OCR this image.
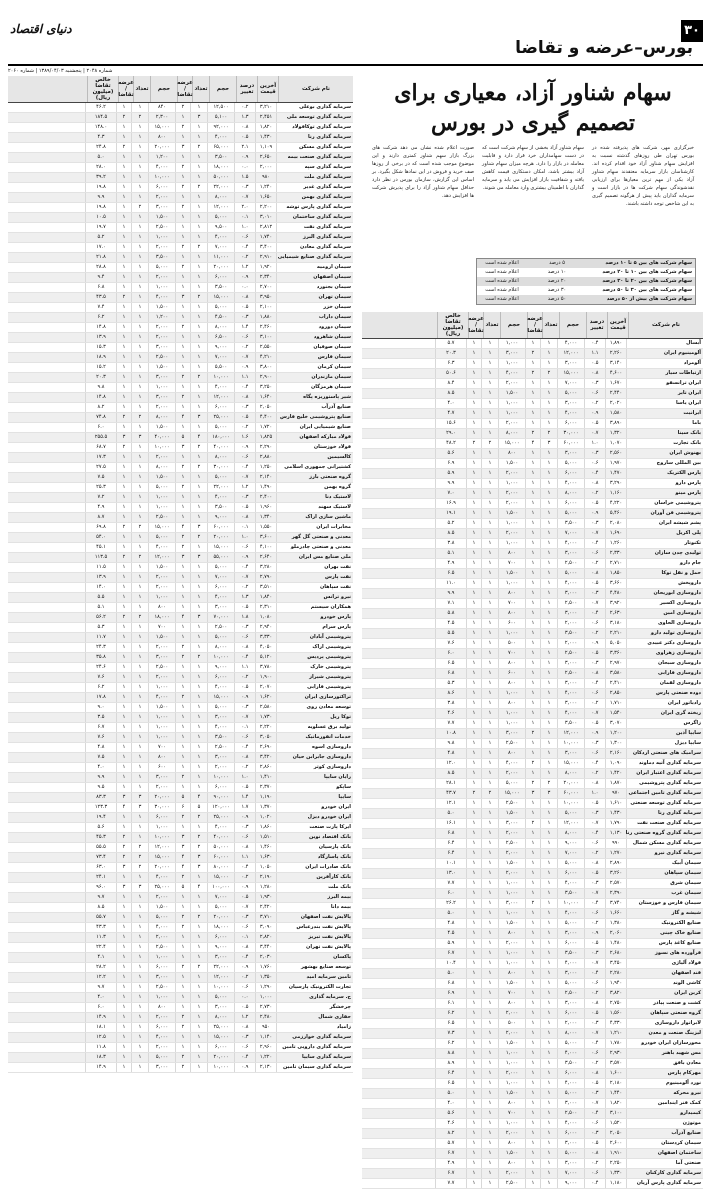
۳۰
دنیای اقتصاد
بورس–عرضه و تقاضا
شماره ۲۰۴۸ | پنجشنبه ۱۳۸۹/۰۴/۰۳ | شماره ۲۰۶۰
نام شرکت
آخرین قیمت
درصد تغییر
حجم
تعداد
عرضه / تقاضا
حجم
تعداد
عرضه / تقاضا
خالص تقاضا (میلیون ریال)
سرمایه گذاری بوعلی
۳,۲۱۰
۰.۲
۱۲,۵۰۰
۱
۲
۸۴۰
۱
۱
۴۶.۲
سرمایه گذاری توسعه ملی
۲,۴۵۱
۱.۳
۵,۱۰۰
۳
۱
۲,۳۰۰
۲
۲
۱۸۴.۵
سرمایه گذاری توکافولاد
۱,۸۲۰
۰.۸
۹۲,۰۰۰
۱
۲
۱۵,۰۰۰
۱
۱
۱۴۸.۰
سرمایه گذاری رنا
۱,۴۳۰
۰.۵
۴,۰۰۰
۱
۱
۸۰۰
۱
۱
۴.۳
سرمایه گذاری مسکن
۱,۱۰۹
۲.۱
۶۵,۰۰۰
۲
۳
۲۰,۰۰۰
۱
۲
۲۴.۸
سرمایه گذاری صنعت بیمه
۲,۶۵۰
۰.۹
۳,۵۰۰
۱
۱
۱,۲۰۰
۱
۱
۵.۰
سرمایه گذاری سپه
۲,۰۰۰
۰.۰
۱۸,۰۰۰
۱
۲
۴,۰۰۰
۱
۱
۲۸.۰
سرمایه گذاری ملت
۹۸۰
۱.۵
۵۰,۰۰۰
۱
۱
۱۰,۰۰۰
۱
۱
۳۹.۲
سرمایه گذاری غدیر
۱,۲۴۰
۰.۳
۲۲,۰۰۰
۲
۲
۶,۰۰۰
۱
۱
۱۹.۸
سرمایه گذاری بهمن
۱,۶۵۰
۰.۷
۸,۰۰۰
۱
۱
۲,۰۰۰
۱
۱
۹.۹
سرمایه گذاری پارس توشه
۲,۲۰۰
۲.۰
۱۲,۰۰۰
۱
۲
۳,۰۰۰
۲
۱
۱۹.۸
سرمایه گذاری ساختمان
۳,۰۱۰
۰.۱
۵,۰۰۰
۱
۱
۱,۵۰۰
۱
۱
۱۰.۵
سرمایه گذاری نفت
۲,۸۱۲
۱.۰
۹,۵۰۰
۱
۱
۲,۵۰۰
۱
۱
۱۹.۷
سرمایه گذاری البرز
۱,۷۴۰
۰.۶
۴,۰۰۰
۱
۱
۱,۰۰۰
۱
۱
۵.۲
سرمایه گذاری معادن
۳,۴۰۰
۰.۴
۷,۰۰۰
۲
۲
۲,۰۰۰
۱
۱
۱۷.۰
سرمایه گذاری صنایع شیمیایی
۲,۹۱۰
۰.۲
۱۱,۰۰۰
۱
۱
۳,۵۰۰
۱
۱
۲۱.۸
سیمان ارومیه
۱,۹۲۰
۱.۲
۲۰,۰۰۰
۱
۲
۵,۰۰۰
۱
۱
۲۸.۸
سیمان اصفهان
۲,۳۴۰
۰.۹
۶,۰۰۰
۱
۱
۲,۰۰۰
۱
۱
۹.۴
سیمان بجنورد
۲,۷۰۰
۰.۰
۳,۵۰۰
۱
۱
۱,۰۰۰
۱
۱
۶.۸
سیمان تهران
۳,۹۵۰
۰.۸
۱۵,۰۰۰
۲
۳
۴,۰۰۰
۱
۲
۴۳.۵
سیمان خزر
۲,۱۰۰
۰.۵
۵,۰۰۰
۱
۱
۱,۵۰۰
۱
۱
۷.۴
سیمان داراب
۱,۸۸۰
۰.۳
۴,۵۰۰
۱
۱
۱,۲۰۰
۱
۱
۶.۲
سیمان دورود
۲,۴۶۰
۱.۴
۸,۰۰۰
۱
۲
۲,۰۰۰
۱
۱
۱۴.۸
سیمان شاهرود
۳,۱۰۰
۰.۶
۶,۵۰۰
۱
۱
۲,۰۰۰
۱
۱
۱۳.۹
سیمان صوفیان
۲,۵۵۰
۰.۲
۹,۰۰۰
۱
۱
۳,۰۰۰
۱
۱
۱۵.۳
سیمان فارس
۴,۲۱۰
۰.۷
۷,۰۰۰
۱
۱
۲,۵۰۰
۱
۱
۱۸.۹
سیمان کرمان
۳,۸۰۰
۰.۹
۵,۵۰۰
۱
۱
۱,۵۰۰
۱
۱
۱۵.۲
سیمان مازندران
۲,۹۰۰
۱.۱
۱۰,۰۰۰
۲
۲
۳,۰۰۰
۱
۱
۲۰.۳
سیمان هرمزگان
۳,۲۵۰
۰.۴
۴,۰۰۰
۱
۱
۱,۰۰۰
۱
۱
۹.۸
شیر پاستوریزه پگاه
۱,۶۴۰
۰.۸
۱۲,۰۰۰
۱
۲
۳,۰۰۰
۱
۱
۱۴.۸
صنایع آذرآب
۲,۰۵۰
۰.۳
۶,۰۰۰
۱
۱
۲,۰۰۰
۱
۱
۸.۲
صنایع پتروشیمی خلیج فارس
۴,۴۰۰
۰.۵
۲۵,۰۰۰
۳
۴
۸,۰۰۰
۲
۲
۷۴.۸
صنایع شیمیایی ایران
۱,۷۲۰
۰.۲
۵,۰۰۰
۱
۱
۱,۵۰۰
۱
۱
۶.۰
فولاد مبارکه اصفهان
۱,۸۲۵
۱.۶
۱۸۰,۰۰۰
۴
۵
۴۰,۰۰۰
۳
۳
۲۵۵.۵
فولاد خوزستان
۲,۲۹۰
۰.۹
۴۰,۰۰۰
۲
۳
۱۰,۰۰۰
۱
۲
۶۸.۷
کالسیمین
۲,۸۸۰
۰.۶
۸,۰۰۰
۱
۱
۲,۰۰۰
۱
۱
۱۷.۳
کشتیرانی جمهوری اسلامی
۱,۲۵۰
۰.۴
۳۰,۰۰۰
۲
۲
۸,۰۰۰
۱
۱
۲۷.۵
گروه صنعتی بارز
۲,۱۴۰
۰.۷
۵,۰۰۰
۱
۱
۱,۵۰۰
۱
۱
۷.۵
گروه بهمن
۱,۴۹۰
۱.۲
۲۲,۰۰۰
۱
۲
۵,۰۰۰
۱
۱
۲۵.۳
لاستیک دنا
۲,۴۰۰
۰.۳
۴,۰۰۰
۱
۱
۱,۰۰۰
۱
۱
۷.۲
لاستیک سهند
۱,۹۶۰
۰.۵
۳,۵۰۰
۱
۱
۱,۰۰۰
۱
۱
۴.۹
ماشین سازی اراک
۱,۳۴۰
۰.۸
۹,۰۰۰
۱
۱
۲,۵۰۰
۱
۱
۸.۷
مخابرات ایران
۱,۵۵۰
۰.۱
۶۰,۰۰۰
۳
۴
۱۵,۰۰۰
۲
۲
۶۹.۸
معدنی و صنعتی گل گهر
۳,۶۰۰
۱.۰
۲۰,۰۰۰
۲
۲
۵,۰۰۰
۱
۱
۵۴.۰
معدنی و صنعتی چادرملو
۴,۱۰۰
۰.۶
۱۵,۰۰۰
۱
۲
۴,۰۰۰
۱
۱
۴۵.۱
ملی صنایع مس ایران
۲,۶۴۰
۰.۹
۵۵,۰۰۰
۳
۳
۱۲,۰۰۰
۲
۲
۱۱۳.۵
نفت بهران
۳,۲۸۰
۰.۴
۵,۰۰۰
۱
۱
۱,۵۰۰
۱
۱
۱۱.۵
نفت پارس
۲,۷۹۰
۰.۷
۷,۰۰۰
۱
۱
۲,۰۰۰
۱
۱
۱۳.۹
نفت سپاهان
۳,۵۱۰
۰.۲
۶,۰۰۰
۱
۱
۲,۰۰۰
۱
۱
۱۴.۰
نیرو ترانس
۱,۸۴۰
۱.۳
۴,۰۰۰
۱
۱
۱,۰۰۰
۱
۱
۵.۵
همکاران سیستم
۲,۳۱۰
۰.۵
۳,۰۰۰
۱
۱
۸۰۰
۱
۱
۵.۱
پارس خودرو
۱,۰۸۰
۱.۸
۷۰,۰۰۰
۳
۴
۱۸,۰۰۰
۲
۲
۵۶.۲
پارس سرام
۲,۹۴۰
۰.۳
۲,۵۰۰
۱
۱
۷۰۰
۱
۱
۵.۳
پتروشیمی آبادان
۳,۳۳۰
۰.۶
۵,۰۰۰
۱
۱
۱,۵۰۰
۱
۱
۱۱.۷
پتروشیمی اراک
۴,۰۵۰
۰.۸
۸,۰۰۰
۱
۲
۲,۰۰۰
۱
۱
۲۴.۳
پتروشیمی پردیس
۵,۱۲۰
۰.۴
۱۰,۰۰۰
۲
۲
۳,۰۰۰
۱
۱
۳۵.۸
پتروشیمی خارک
۳,۷۸۰
۱.۱
۹,۰۰۰
۱
۱
۲,۵۰۰
۱
۱
۲۴.۶
پتروشیمی شیراز
۱,۹۰۰
۰.۲
۶,۰۰۰
۱
۱
۲,۰۰۰
۱
۱
۷.۶
پتروشیمی فارابی
۲,۰۷۰
۰.۵
۴,۰۰۰
۱
۱
۱,۰۰۰
۱
۱
۶.۲
تراکتورسازی ایران
۱,۶۲۰
۰.۹
۱۵,۰۰۰
۱
۲
۴,۰۰۰
۱
۱
۱۷.۸
توسعه معادن روی
۲,۵۸۰
۰.۳
۵,۰۰۰
۱
۱
۱,۵۰۰
۱
۱
۹.۰
توکا ریل
۱,۷۳۰
۰.۷
۳,۰۰۰
۱
۱
۱,۰۰۰
۱
۱
۳.۵
تولید برق عسلویه
۲,۲۲۰
۰.۱
۴,۰۰۰
۱
۱
۱,۰۰۰
۱
۱
۶.۷
خدمات انفورماتیک
۳,۰۵۰
۰.۶
۳,۵۰۰
۱
۱
۱,۰۰۰
۱
۱
۷.۶
داروسازی اسوه
۲,۶۹۰
۰.۴
۲,۵۰۰
۱
۱
۷۰۰
۱
۱
۴.۸
داروسازی جابرابن حیان
۳,۴۲۰
۰.۸
۳,۰۰۰
۱
۱
۸۰۰
۱
۱
۷.۵
داروسازی کوثر
۲,۸۶۰
۰.۲
۲,۰۰۰
۱
۱
۶۰۰
۱
۱
۴.۰
رایان سایپا
۱,۴۱۰
۱.۰
۱۰,۰۰۰
۱
۲
۳,۰۰۰
۱
۱
۹.۹
ساپکو
۲,۳۷۰
۰.۵
۶,۰۰۰
۱
۱
۲,۰۰۰
۱
۱
۹.۵
سایپا
۱,۱۹۰
۱.۴
۹۰,۰۰۰
۴
۵
۲۰,۰۰۰
۳
۳
۸۳.۳
ایران خودرو
۱,۳۷۰
۱.۷
۱۲۰,۰۰۰
۵
۶
۳۰,۰۰۰
۳
۴
۱۲۳.۳
ایران خودرو دیزل
۱,۰۲۰
۰.۹
۲۵,۰۰۰
۲
۲
۶,۰۰۰
۱
۱
۱۹.۴
ایرکا پارت صنعت
۱,۸۶۰
۰.۳
۴,۰۰۰
۱
۱
۱,۰۰۰
۱
۱
۵.۶
بانک اقتصاد نوین
۱,۵۱۰
۰.۶
۴۰,۰۰۰
۲
۳
۱۰,۰۰۰
۱
۲
۴۵.۳
بانک پارسیان
۱,۴۶۰
۰.۸
۵۰,۰۰۰
۲
۳
۱۲,۰۰۰
۲
۲
۵۵.۵
بانک پاسارگاد
۱,۶۳۰
۱.۱
۶۰,۰۰۰
۳
۴
۱۵,۰۰۰
۲
۲
۷۳.۴
بانک صادرات ایران
۱,۰۵۰
۰.۴
۸۰,۰۰۰
۳
۴
۲۰,۰۰۰
۲
۳
۶۳.۰
بانک کارآفرین
۲,۱۹۰
۰.۲
۱۵,۰۰۰
۱
۲
۴,۰۰۰
۱
۱
۲۴.۱
بانک ملت
۱,۲۸۰
۰.۹
۱۰۰,۰۰۰
۴
۵
۲۵,۰۰۰
۳
۳
۹۶.۰
بیمه البرز
۱,۹۳۰
۰.۵
۷,۰۰۰
۱
۱
۲,۰۰۰
۱
۱
۹.۷
بیمه دانا
۲,۴۲۰
۰.۷
۵,۰۰۰
۱
۱
۱,۵۰۰
۱
۱
۸.۵
پالایش نفت اصفهان
۳,۷۱۰
۰.۳
۲۰,۰۰۰
۲
۲
۵,۰۰۰
۱
۱
۵۵.۷
پالایش نفت بندرعباس
۳,۰۹۰
۰.۶
۱۸,۰۰۰
۱
۲
۴,۰۰۰
۱
۱
۴۳.۳
پالایش نفت تبریز
۲,۸۲۰
۰.۱
۶,۰۰۰
۱
۱
۲,۰۰۰
۱
۱
۱۱.۳
پالایش نفت تهران
۳,۴۴۰
۰.۸
۹,۰۰۰
۱
۱
۲,۵۰۰
۱
۱
۲۲.۴
پاکسان
۲,۰۳۰
۰.۴
۳,۰۰۰
۱
۱
۱,۰۰۰
۱
۱
۴.۱
توسعه صنایع بهشهر
۱,۷۶۰
۰.۹
۲۲,۰۰۰
۲
۲
۶,۰۰۰
۱
۱
۲۸.۲
تامین سرمایه امید
۱,۳۵۰
۰.۲
۱۲,۰۰۰
۱
۱
۳,۰۰۰
۱
۱
۱۲.۲
تجارت الکترونیک پارسیان
۱,۲۹۰
۰.۶
۱۰,۰۰۰
۱
۱
۲,۵۰۰
۱
۱
۹.۷
ح. سرمایه گذاری
۱,۰۰۰
۰.۰
۵,۰۰۰
۱
۱
۱,۰۰۰
۱
۱
۴.۰
چرخشگر
۲,۷۳۰
۰.۵
۳,۰۰۰
۱
۱
۸۰۰
۱
۱
۶.۰
حفاری شمال
۲,۴۸۰
۱.۲
۸,۰۰۰
۱
۲
۲,۰۰۰
۱
۱
۱۴.۹
زامیاد
۹۵۰
۰.۸
۲۵,۰۰۰
۱
۲
۶,۰۰۰
۱
۱
۱۸.۱
سرمایه گذاری خوارزمی
۱,۱۴۰
۰.۳
۱۵,۰۰۰
۱
۱
۴,۰۰۰
۱
۱
۱۲.۵
سرمایه گذاری دارویی تامین
۲,۹۶۰
۰.۶
۶,۰۰۰
۱
۱
۲,۰۰۰
۱
۱
۱۱.۸
سرمایه گذاری سایپا
۱,۲۲۰
۰.۴
۲۰,۰۰۰
۱
۲
۵,۰۰۰
۱
۱
۱۸.۳
سرمایه گذاری سیمان تامین
۲,۱۳۰
۰.۹
۱۰,۰۰۰
۱
۲
۳,۰۰۰
۱
۱
۱۴.۹
سهام شناور آزاد، معیاری برای تصمیم گیری در بورس
خبرگزاری مهر، شرکت های پذیرفته شده در بورس تهران طی روزهای گذشته نسبت به افزایش سهام شناور آزاد خود اقدام کرده اند. کارشناسان بازار سرمایه معتقدند سهام شناور آزاد یکی از مهم ترین معیارها برای ارزیابی نقدشوندگی سهام شرکت ها در بازار است و سرمایه گذاران باید پیش از هرگونه تصمیم گیری به این شاخص توجه داشته باشند.
سهام شناور آزاد بخشی از سهام شرکت است که در دست سهامداران خرد قرار دارد و قابلیت معامله در بازار را دارد. هرچه میزان سهام شناور آزاد بیشتر باشد، امکان دستکاری قیمت کاهش یافته و شفافیت بازار افزایش می یابد و سرمایه گذاران با اطمینان بیشتری وارد معامله می شوند.
صورت اعلام شده نشان می دهد شرکت های بزرگ بازار سهم شناور کمتری دارند و این موضوع موجب شده است که در برخی از روزها صف خرید و فروش در این نمادها شکل بگیرد. بر اساس این گزارش، سازمان بورس در نظر دارد حداقل سهام شناور آزاد را برای پذیرش شرکت ها افزایش دهد.
سهام شرکت های بین ۵ تا ۱۰ درصد
۵ درصد
اعلام شده است
سهام شرکت های بین ۱۰ تا ۲۰ درصد
۱۰ درصد
اعلام شده است
سهام شرکت های بین ۲۰ تا ۳۰ درصد
۲۰ درصد
اعلام شده است
سهام شرکت های بین ۳۰ تا ۵۰ درصد
۳۰ درصد
اعلام شده است
سهام شرکت های بیش از ۵۰ درصد
۵۰ درصد
اعلام شده است
نام شرکت
آخرین قیمت
درصد تغییر
حجم
تعداد
عرضه / تقاضا
حجم
تعداد
عرضه / تقاضا
خالص تقاضا (میلیون ریال)
آبسال
۱,۸۹۰
۰.۴
۴,۰۰۰
۱
۱
۱,۰۰۰
۱
۱
۵.۷
آلومینیوم ایران
۲,۲۶۰
۱.۱
۱۲,۰۰۰
۱
۲
۳,۰۰۰
۱
۱
۲۰.۳
آلومراد
۳,۱۴۰
۰.۵
۳,۰۰۰
۱
۱
۱,۰۰۰
۱
۱
۶.۳
ارتباطات سیار
۴,۶۰۰
۰.۸
۱۵,۰۰۰
۲
۲
۴,۰۰۰
۱
۱
۵۰.۶
ایران ترانسفو
۱,۶۷۰
۰.۳
۷,۰۰۰
۱
۱
۲,۰۰۰
۱
۱
۸.۴
ایران تایر
۲,۴۴۰
۰.۶
۵,۰۰۰
۱
۱
۱,۵۰۰
۱
۱
۸.۵
ایران یاسا
۲,۰۲۰
۰.۲
۳,۰۰۰
۱
۱
۱,۰۰۰
۱
۱
۴.۰
ایرانیت
۱,۵۸۰
۰.۹
۴,۰۰۰
۱
۱
۱,۰۰۰
۱
۱
۴.۷
باما
۳,۸۹۰
۰.۵
۶,۰۰۰
۱
۱
۲,۰۰۰
۱
۱
۱۵.۶
بانک سینا
۱,۳۲۰
۰.۷
۳۰,۰۰۰
۲
۲
۸,۰۰۰
۱
۱
۲۹.۰
بانک تجارت
۱,۰۷۰
۱.۰
۶۰,۰۰۰
۳
۴
۱۵,۰۰۰
۲
۲
۴۸.۲
بهنوش ایران
۲,۵۶۰
۰.۳
۳,۰۰۰
۱
۱
۸۰۰
۱
۱
۵.۶
بین المللی ساروج
۱,۹۷۰
۰.۶
۵,۰۰۰
۱
۱
۱,۵۰۰
۱
۱
۶.۹
پارس الکتریک
۱,۴۷۰
۰.۴
۶,۰۰۰
۱
۱
۲,۰۰۰
۱
۱
۵.۹
پارس دارو
۳,۲۹۰
۰.۸
۴,۰۰۰
۱
۱
۱,۰۰۰
۱
۱
۹.۹
پارس مینو
۱,۱۶۰
۰.۲
۸,۰۰۰
۱
۱
۲,۰۰۰
۱
۱
۷.۰
پتروشیمی خراسان
۴,۲۲۰
۰.۵
۶,۰۰۰
۱
۱
۲,۰۰۰
۱
۱
۱۶.۹
پتروشیمی فن آوران
۵,۴۶۰
۰.۹
۵,۰۰۰
۱
۱
۱,۵۰۰
۱
۱
۱۹.۱
پشم شیشه ایران
۲,۰۸۰
۰.۳
۳,۵۰۰
۱
۱
۱,۰۰۰
۱
۱
۵.۲
پلی اکریل
۱,۶۹۰
۰.۷
۷,۰۰۰
۱
۱
۲,۰۰۰
۱
۱
۸.۵
تکنوتار
۱,۲۶۰
۰.۴
۴,۰۰۰
۱
۱
۱,۰۰۰
۱
۱
۳.۸
تولیدی چدن سازان
۲,۳۳۰
۰.۶
۳,۰۰۰
۱
۱
۸۰۰
۱
۱
۵.۱
جام دارو
۲,۷۱۰
۰.۲
۲,۵۰۰
۱
۱
۷۰۰
۱
۱
۴.۹
حمل و نقل توکا
۱,۸۵۰
۰.۸
۵,۰۰۰
۱
۱
۱,۵۰۰
۱
۱
۶.۵
داروپخش
۳,۶۶۰
۰.۵
۴,۰۰۰
۱
۱
۱,۰۰۰
۱
۱
۱۱.۰
داروسازی ابوریحان
۴,۴۸۰
۰.۳
۳,۰۰۰
۱
۱
۸۰۰
۱
۱
۹.۹
داروسازی اکسیر
۳,۹۲۰
۰.۷
۲,۵۰۰
۱
۱
۷۰۰
۱
۱
۷.۱
داروسازی امین
۲,۶۳۰
۰.۴
۳,۰۰۰
۱
۱
۸۰۰
۱
۱
۵.۸
داروسازی الحاوی
۳,۱۸۰
۰.۶
۲,۰۰۰
۱
۱
۶۰۰
۱
۱
۴.۵
داروسازی تولید دارو
۲,۲۱۰
۰.۲
۳,۵۰۰
۱
۱
۱,۰۰۰
۱
۱
۵.۵
داروسازی دکتر عبیدی
۵,۰۵۰
۰.۹
۲,۰۰۰
۱
۱
۵۰۰
۱
۱
۷.۶
داروسازی زهراوی
۳,۳۶۰
۰.۵
۲,۵۰۰
۱
۱
۷۰۰
۱
۱
۶.۰
داروسازی سبحان
۲,۹۷۰
۰.۳
۳,۰۰۰
۱
۱
۸۰۰
۱
۱
۶.۵
داروسازی فارابی
۳,۵۸۰
۰.۸
۲,۵۰۰
۱
۱
۶۰۰
۱
۱
۶.۸
داروسازی لقمان
۲,۴۱۰
۰.۴
۳,۰۰۰
۱
۱
۸۰۰
۱
۱
۵.۳
دوده صنعتی پارس
۲,۸۵۰
۰.۶
۴,۰۰۰
۱
۱
۱,۰۰۰
۱
۱
۸.۶
رادیاتور ایران
۱,۷۱۰
۰.۲
۳,۰۰۰
۱
۱
۸۰۰
۱
۱
۳.۸
ریخته گری ایران
۱,۵۴۰
۰.۷
۴,۰۰۰
۱
۱
۱,۰۰۰
۱
۱
۴.۶
زاگرس
۳,۰۷۰
۰.۵
۳,۵۰۰
۱
۱
۱,۰۰۰
۱
۱
۷.۷
سایپا آذین
۱,۲۰۰
۰.۹
۱۲,۰۰۰
۱
۲
۳,۰۰۰
۱
۱
۱۰.۸
سایپا دیزل
۱,۳۰۰
۰.۳
۱۰,۰۰۰
۱
۱
۲,۵۰۰
۱
۱
۹.۸
سرامیک های صنعتی اردکان
۲,۱۶۰
۰.۶
۳,۰۰۰
۱
۱
۸۰۰
۱
۱
۴.۸
سرمایه گذاری آتیه دماوند
۱,۰۹۰
۰.۴
۱۵,۰۰۰
۱
۲
۴,۰۰۰
۱
۱
۱۲.۰
سرمایه گذاری اعتبار ایران
۱,۴۲۰
۰.۲
۸,۰۰۰
۱
۱
۲,۰۰۰
۱
۱
۸.۵
سرمایه گذاری پتروشیمی
۱,۸۷۰
۰.۸
۲۰,۰۰۰
۲
۲
۵,۰۰۰
۱
۱
۲۸.۱
سرمایه گذاری تامین اجتماعی
۹۷۰
۱.۰
۶۰,۰۰۰
۳
۳
۱۵,۰۰۰
۲
۲
۴۳.۷
سرمایه گذاری توسعه صنعتی
۱,۶۱۰
۰.۵
۱۰,۰۰۰
۱
۱
۲,۵۰۰
۱
۱
۱۲.۱
سرمایه گذاری رنا
۱,۴۳۰
۰.۳
۵,۰۰۰
۱
۱
۱,۵۰۰
۱
۱
۵.۰
سرمایه گذاری صنعت نفت
۱,۷۹۰
۰.۷
۱۲,۰۰۰
۱
۲
۳,۰۰۰
۱
۱
۱۶.۱
سرمایه گذاری گروه صنعتی رنا
۱,۱۳۰
۰.۴
۸,۰۰۰
۱
۱
۲,۰۰۰
۱
۱
۶.۸
سرمایه گذاری مسکن شمال
۹۹۰
۰.۶
۹,۰۰۰
۱
۱
۲,۵۰۰
۱
۱
۶.۴
سرمایه گذاری نیرو
۱,۲۷۰
۰.۲
۷,۰۰۰
۱
۱
۲,۰۰۰
۱
۱
۶.۴
سیمان آبیک
۲,۸۹۰
۰.۸
۵,۰۰۰
۱
۱
۱,۵۰۰
۱
۱
۱۰.۱
سیمان سپاهان
۳,۲۶۰
۰.۵
۶,۰۰۰
۱
۱
۲,۰۰۰
۱
۱
۱۳.۰
سیمان شرق
۲,۵۷۰
۰.۳
۴,۰۰۰
۱
۱
۱,۰۰۰
۱
۱
۷.۷
سیمان غرب
۲,۳۹۰
۰.۷
۳,۵۰۰
۱
۱
۱,۰۰۰
۱
۱
۶.۰
سیمان فارس و خوزستان
۳,۷۴۰
۰.۴
۱۰,۰۰۰
۱
۲
۳,۰۰۰
۱
۱
۲۶.۲
شیشه و گاز
۱,۶۶۰
۰.۶
۴,۰۰۰
۱
۱
۱,۰۰۰
۱
۱
۵.۰
صنایع الکترونیک
۱,۳۸۰
۰.۲
۵,۰۰۰
۱
۱
۱,۵۰۰
۱
۱
۴.۸
صنایع خاک چینی
۲,۰۶۰
۰.۹
۳,۰۰۰
۱
۱
۸۰۰
۱
۱
۴.۵
صنایع کاغذ پارس
۱,۴۸۰
۰.۵
۶,۰۰۰
۱
۱
۲,۰۰۰
۱
۱
۵.۹
فرآورده های نسوز
۲,۶۸۰
۰.۳
۳,۵۰۰
۱
۱
۱,۰۰۰
۱
۱
۶.۷
فولاد آلیاژی
۳,۴۵۰
۰.۷
۴,۰۰۰
۱
۱
۱,۰۰۰
۱
۱
۱۰.۴
قند اصفهان
۲,۲۸۰
۰.۴
۳,۰۰۰
۱
۱
۸۰۰
۱
۱
۵.۰
کاشی الوند
۱,۹۴۰
۰.۶
۵,۰۰۰
۱
۱
۱,۵۰۰
۱
۱
۶.۸
کربن ایران
۳,۸۲۰
۰.۲
۲,۵۰۰
۱
۱
۷۰۰
۱
۱
۶.۹
کشت و صنعت پیاذر
۲,۷۵۰
۰.۸
۳,۰۰۰
۱
۱
۸۰۰
۱
۱
۶.۱
گروه صنعتی سپاهان
۱,۵۶۰
۰.۵
۶,۰۰۰
۱
۱
۲,۰۰۰
۱
۱
۶.۲
لابراتوار داروسازی
۴,۳۳۰
۰.۳
۲,۰۰۰
۱
۱
۵۰۰
۱
۱
۶.۵
لیزینگ صنعت و معدن
۱,۲۱۰
۰.۷
۸,۰۰۰
۱
۱
۲,۰۰۰
۱
۱
۷.۳
محورسازان ایران خودرو
۱,۷۸۰
۰.۴
۵,۰۰۰
۱
۱
۱,۵۰۰
۱
۱
۶.۲
مس شهید باهنر
۲,۹۳۰
۰.۶
۴,۰۰۰
۱
۱
۱,۰۰۰
۱
۱
۸.۸
معادن بافق
۳,۵۷۰
۰.۲
۳,۵۰۰
۱
۱
۱,۰۰۰
۱
۱
۸.۹
مهرکام پارس
۱,۶۰۰
۰.۸
۶,۰۰۰
۱
۱
۲,۰۰۰
۱
۱
۶.۴
نورد آلومینیوم
۲,۱۸۰
۰.۵
۴,۰۰۰
۱
۱
۱,۰۰۰
۱
۱
۶.۵
نیرو محرکه
۱,۴۴۰
۰.۳
۵,۰۰۰
۱
۱
۱,۵۰۰
۱
۱
۵.۰
کمک فنر ایندامین
۱,۸۲۰
۰.۷
۳,۰۰۰
۱
۱
۸۰۰
۱
۱
۴.۰
کیمیدارو
۳,۱۰۰
۰.۴
۲,۵۰۰
۱
۱
۷۰۰
۱
۱
۵.۶
موتوژن
۱,۵۲۰
۰.۶
۴,۰۰۰
۱
۱
۱,۰۰۰
۱
۱
۴.۶
صنایع آذرآب
۲,۰۵۰
۰.۳
۶,۰۰۰
۱
۱
۲,۰۰۰
۱
۱
۸.۲
سیمان کردستان
۲,۶۰۰
۰.۵
۳,۰۰۰
۱
۱
۸۰۰
۱
۱
۵.۷
ساختمان اصفهان
۱,۹۱۰
۰.۸
۵,۰۰۰
۱
۱
۱,۵۰۰
۱
۱
۶.۷
صنعتی آما
۲,۲۵۰
۰.۲
۳,۰۰۰
۱
۱
۸۰۰
۱
۱
۴.۹
سرمایه گذاری کارکنان
۱,۳۳۰
۰.۶
۷,۰۰۰
۱
۱
۲,۰۰۰
۱
۱
۶.۷
سرمایه گذاری پارس آریان
۱,۱۸۰
۰.۴
۹,۰۰۰
۱
۱
۲,۵۰۰
۱
۱
۷.۷
